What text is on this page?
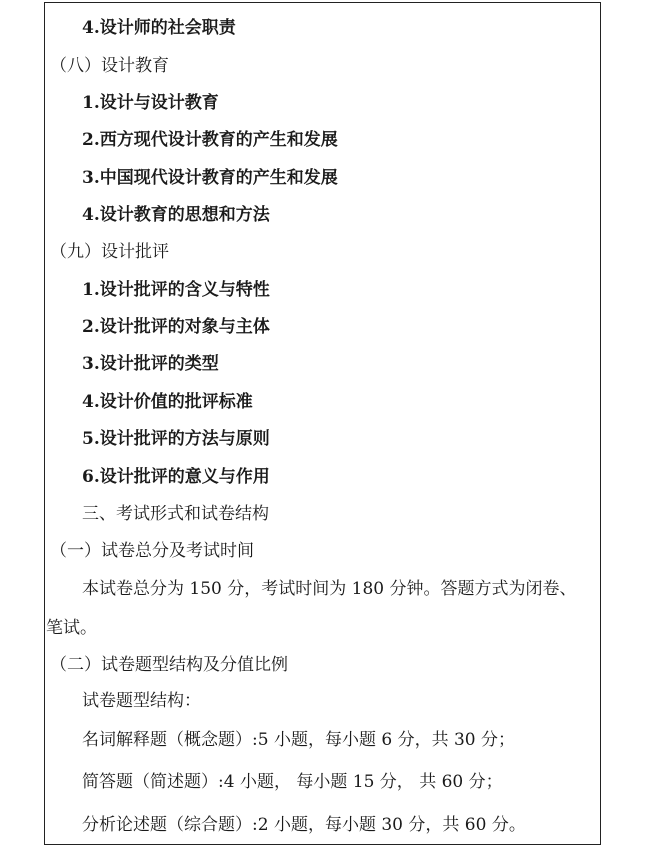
4.设计师的社会职责
（八）设计教育
1.设计与设计教育
2.西方现代设计教育的产生和发展
3.中国现代设计教育的产生和发展
4.设计教育的思想和方法
（九）设计批评
1.设计批评的含义与特性
2.设计批评的对象与主体
3.设计批评的类型
4.设计价值的批评标准
5.设计批评的方法与原则
6.设计批评的意义与作用
三、考试形式和试卷结构
（一）试卷总分及考试时间
本试卷总分为 150 分，考试时间为 180 分钟。答题方式为闭卷、
笔试。
（二）试卷题型结构及分值比例
试卷题型结构：
名词解释题（概念题）:5 小题，每小题 6 分，共 30 分；
简答题（简述题）:4 小题， 每小题 15 分， 共 60 分；
分析论述题（综合题）:2 小题，每小题 30 分，共 60 分。
